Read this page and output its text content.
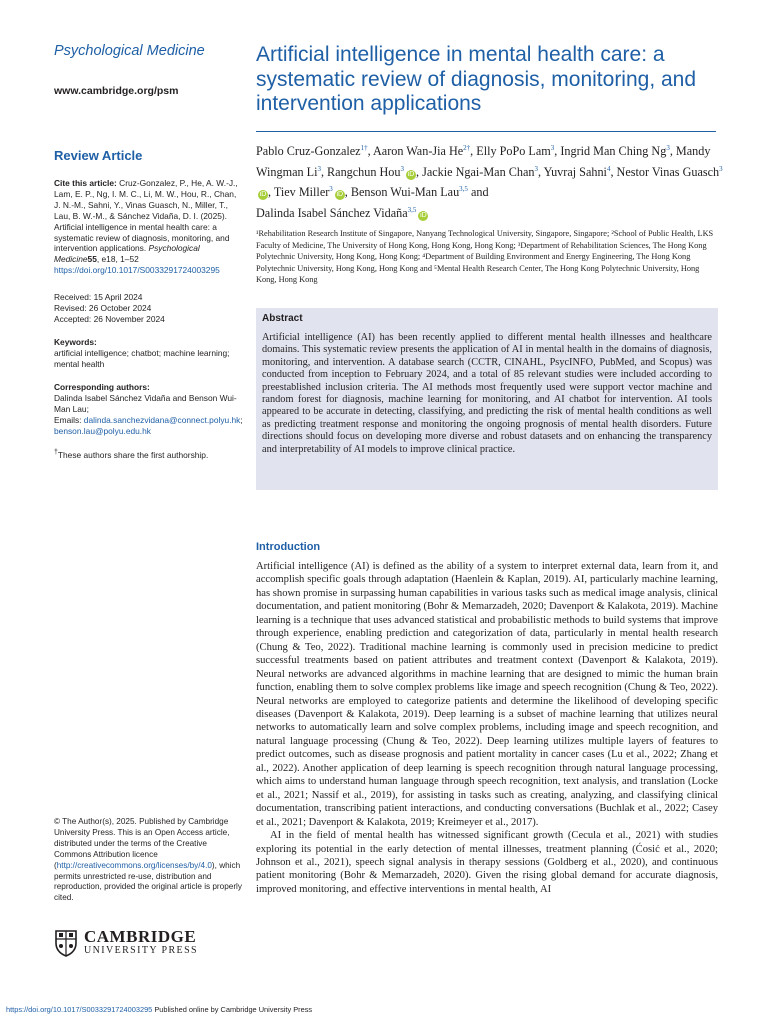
Psychological Medicine
www.cambridge.org/psm
Review Article
Cite this article: Cruz-Gonzalez, P., He, A. W.-J., Lam, E. P., Ng, I. M. C., Li, M. W., Hou, R., Chan, J. N.-M., Sahni, Y., Vinas Guasch, N., Miller, T., Lau, B. W.-M., & Sánchez Vidaña, D. I. (2025). Artificial intelligence in mental health care: a systematic review of diagnosis, monitoring, and intervention applications. Psychological Medicine55, e18, 1–52 https://doi.org/10.1017/S0033291724003295
Received: 15 April 2024
Revised: 26 October 2024
Accepted: 26 November 2024
Keywords:
artificial intelligence; chatbot; machine learning; mental health
Corresponding authors:
Dalinda Isabel Sánchez Vidaña and Benson Wui-Man Lau;
Emails: dalinda.sanchezvidana@connect.polyu.hk; benson.lau@polyu.edu.hk
†These authors share the first authorship.
© The Author(s), 2025. Published by Cambridge University Press. This is an Open Access article, distributed under the terms of the Creative Commons Attribution licence (http://creativecommons.org/licenses/by/4.0), which permits unrestricted re-use, distribution and reproduction, provided the original article is properly cited.
CAMBRIDGE
UNIVERSITY PRESS
Artificial intelligence in mental health care: a systematic review of diagnosis, monitoring, and intervention applications
Pablo Cruz-Gonzalez$^{1\dagger}$, Aaron Wan-Jia $He^{2\dagger}$, Elly PoPo Lam$^3$, Ingrid Man Ching Ng$^3$, Mandy Wingman Li$^3$, Rangchun Hou$^3$iD , Jackie Ngai-Man Chan$^3$, Yuvraj Sahni$^4$, Nestor Vinas Guasch$^3$iD , Tiev Miller$^3$iD , Benson Wui-Man Lau$^{3,5}$ and
Dalinda Isabel Sánchez Vidaña$^{3,5}$iD
¹Rehabilitation Research Institute of Singapore, Nanyang Technological University, Singapore, Singapore; ²School of Public Health, LKS Faculty of Medicine, The University of Hong Kong, Hong Kong, Hong Kong; ³Department of Rehabilitation Sciences, The Hong Kong Polytechnic University, Hong Kong, Hong Kong; ⁴Department of Building Environment and Energy Engineering, The Hong Kong Polytechnic University, Hong Kong, Hong Kong and ⁵Mental Health Research Center, The Hong Kong Polytechnic University, Hong Kong, Hong Kong
Abstract
Artificial intelligence (AI) has been recently applied to different mental health illnesses and healthcare domains. This systematic review presents the application of AI in mental health in the domains of diagnosis, monitoring, and intervention. A database search (CCTR, CINAHL, PsycINFO, PubMed, and Scopus) was conducted from inception to February 2024, and a total of 85 relevant studies were included according to preestablished inclusion criteria. The AI methods most frequently used were support vector machine and random forest for diagnosis, machine learning for monitoring, and AI chatbot for intervention. AI tools appeared to be accurate in detecting, classifying, and predicting the risk of mental health conditions as well as predicting treatment response and monitoring the ongoing prognosis of mental health disorders. Future directions should focus on developing more diverse and robust datasets and on enhancing the transparency and interpretability of AI models to improve clinical practice.
Introduction

Artificial intelligence (AI) is defined as the ability of a system to interpret external data, learn from it, and accomplish specific goals through adaptation (Haenlein & Kaplan, 2019). AI, particularly machine learning, has shown promise in surpassing human capabilities in various tasks such as medical image analysis, clinical documentation, and patient monitoring (Bohr & Memarzadeh, 2020; Davenport & Kalakota, 2019). Machine learning is a technique that uses advanced statistical and probabilistic methods to build systems that improve through experience, enabling prediction and categorization of data, particularly in mental health research (Chung & Teo, 2022). Traditional machine learning is commonly used in precision medicine to predict successful treatments based on patient attributes and treatment context (Davenport & Kalakota, 2019). Neural networks are advanced algorithms in machine learning that are designed to mimic the human brain function, enabling them to solve complex problems like image and speech recognition (Chung & Teo, 2022). Neural networks are employed to categorize patients and determine the likelihood of developing specific diseases (Davenport & Kalakota, 2019). Deep learning is a subset of machine learning that utilizes neural networks to automatically learn and solve complex problems, including image and speech recognition, and natural language processing (Chung & Teo, 2022). Deep learning utilizes multiple layers of features to predict outcomes, such as disease prognosis and patient mortality in cancer cases (Lu et al., 2022; Zhang et al., 2022). Another application of deep learning is speech recognition through natural language processing, which aims to understand human language through speech recognition, text analysis, and translation (Locke et al., 2021; Nassif et al., 2019), for assisting in tasks such as creating, analyzing, and classifying clinical documentation, transcribing patient interactions, and conducting conversations (Buchlak et al., 2022; Casey et al., 2021; Davenport & Kalakota, 2019; Kreimeyer et al., 2017).

AI in the field of mental health has witnessed significant growth (Cecula et al., 2021) with studies exploring its potential in the early detection of mental illnesses, treatment planning (Ćosić et al., 2020; Johnson et al., 2021), speech signal analysis in therapy sessions (Goldberg et al., 2020), and continuous patient monitoring (Bohr & Memarzadeh, 2020). Given the rising global demand for accurate diagnosis, improved monitoring, and effective interventions in mental health, AI

https://doi.org/10.1017/S0033291724003295 Published online by Cambridge University Press
